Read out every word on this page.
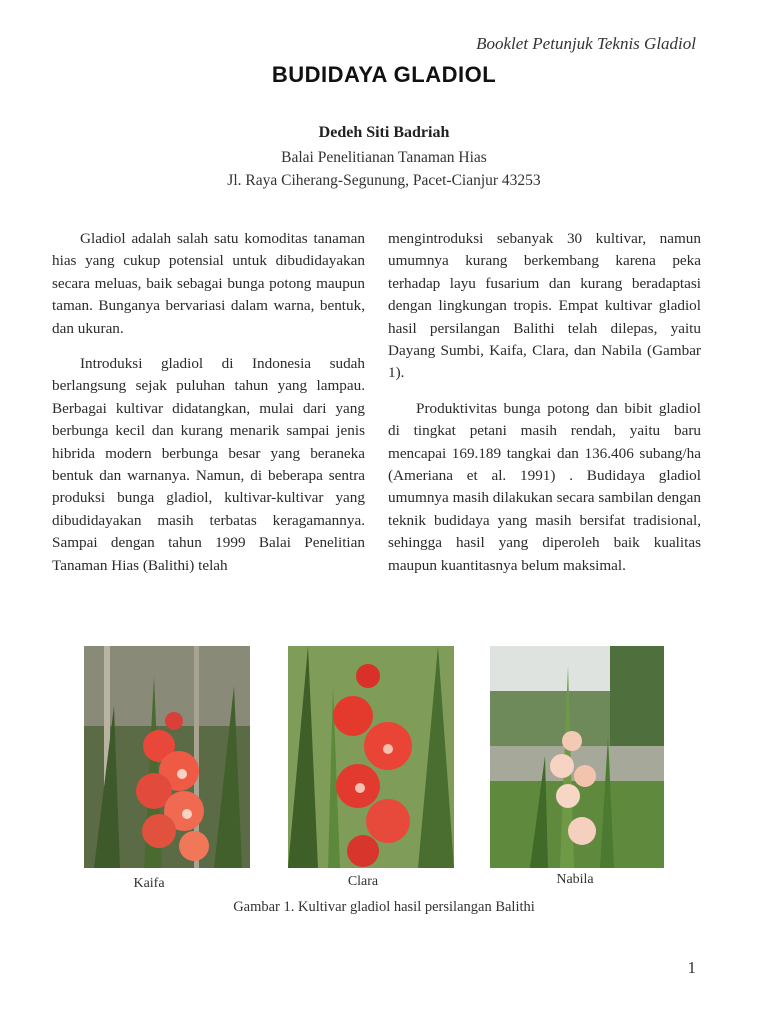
Booklet Petunjuk Teknis Gladiol
BUDIDAYA GLADIOL
Dedeh Siti Badriah
Balai Penelitianan Tanaman Hias
Jl. Raya Ciherang-Segunung, Pacet-Cianjur 43253

Gladiol adalah salah satu komoditas tanaman hias yang cukup potensial untuk dibudidayakan secara meluas, baik sebagai bunga potong maupun taman. Bunganya bervariasi dalam warna, bentuk, dan ukuran.

Introduksi gladiol di Indonesia sudah berlangsung sejak puluhan tahun yang lampau. Berbagai kultivar didatangkan, mulai dari yang berbunga kecil dan kurang menarik sampai jenis hibrida modern berbunga besar yang beraneka bentuk dan warnanya. Namun, di beberapa sentra produksi bunga gladiol, kultivar-kultivar yang dibudidayakan masih terbatas keragamannya. Sampai dengan tahun 1999 Balai Penelitian Tanaman Hias (Balithi) telah

mengintroduksi sebanyak 30 kultivar, namun umumnya kurang berkembang karena peka terhadap layu fusarium dan kurang beradaptasi dengan lingkungan tropis. Empat kultivar gladiol hasil persilangan Balithi telah dilepas, yaitu Dayang Sumbi, Kaifa, Clara, dan Nabila (Gambar 1).

Produktivitas bunga potong dan bibit gladiol di tingkat petani masih rendah, yaitu baru mencapai 169.189 tangkai dan 136.406 subang/ha (Ameriana et al. 1991) . Budidaya gladiol umumnya masih dilakukan secara sambilan dengan teknik budidaya yang masih bersifat tradisional, sehingga hasil yang diperoleh baik kualitas maupun kuantitasnya belum maksimal.

Kaifa	Clara	Nabila
Gambar 1. Kultivar gladiol hasil persilangan Balithi
1
